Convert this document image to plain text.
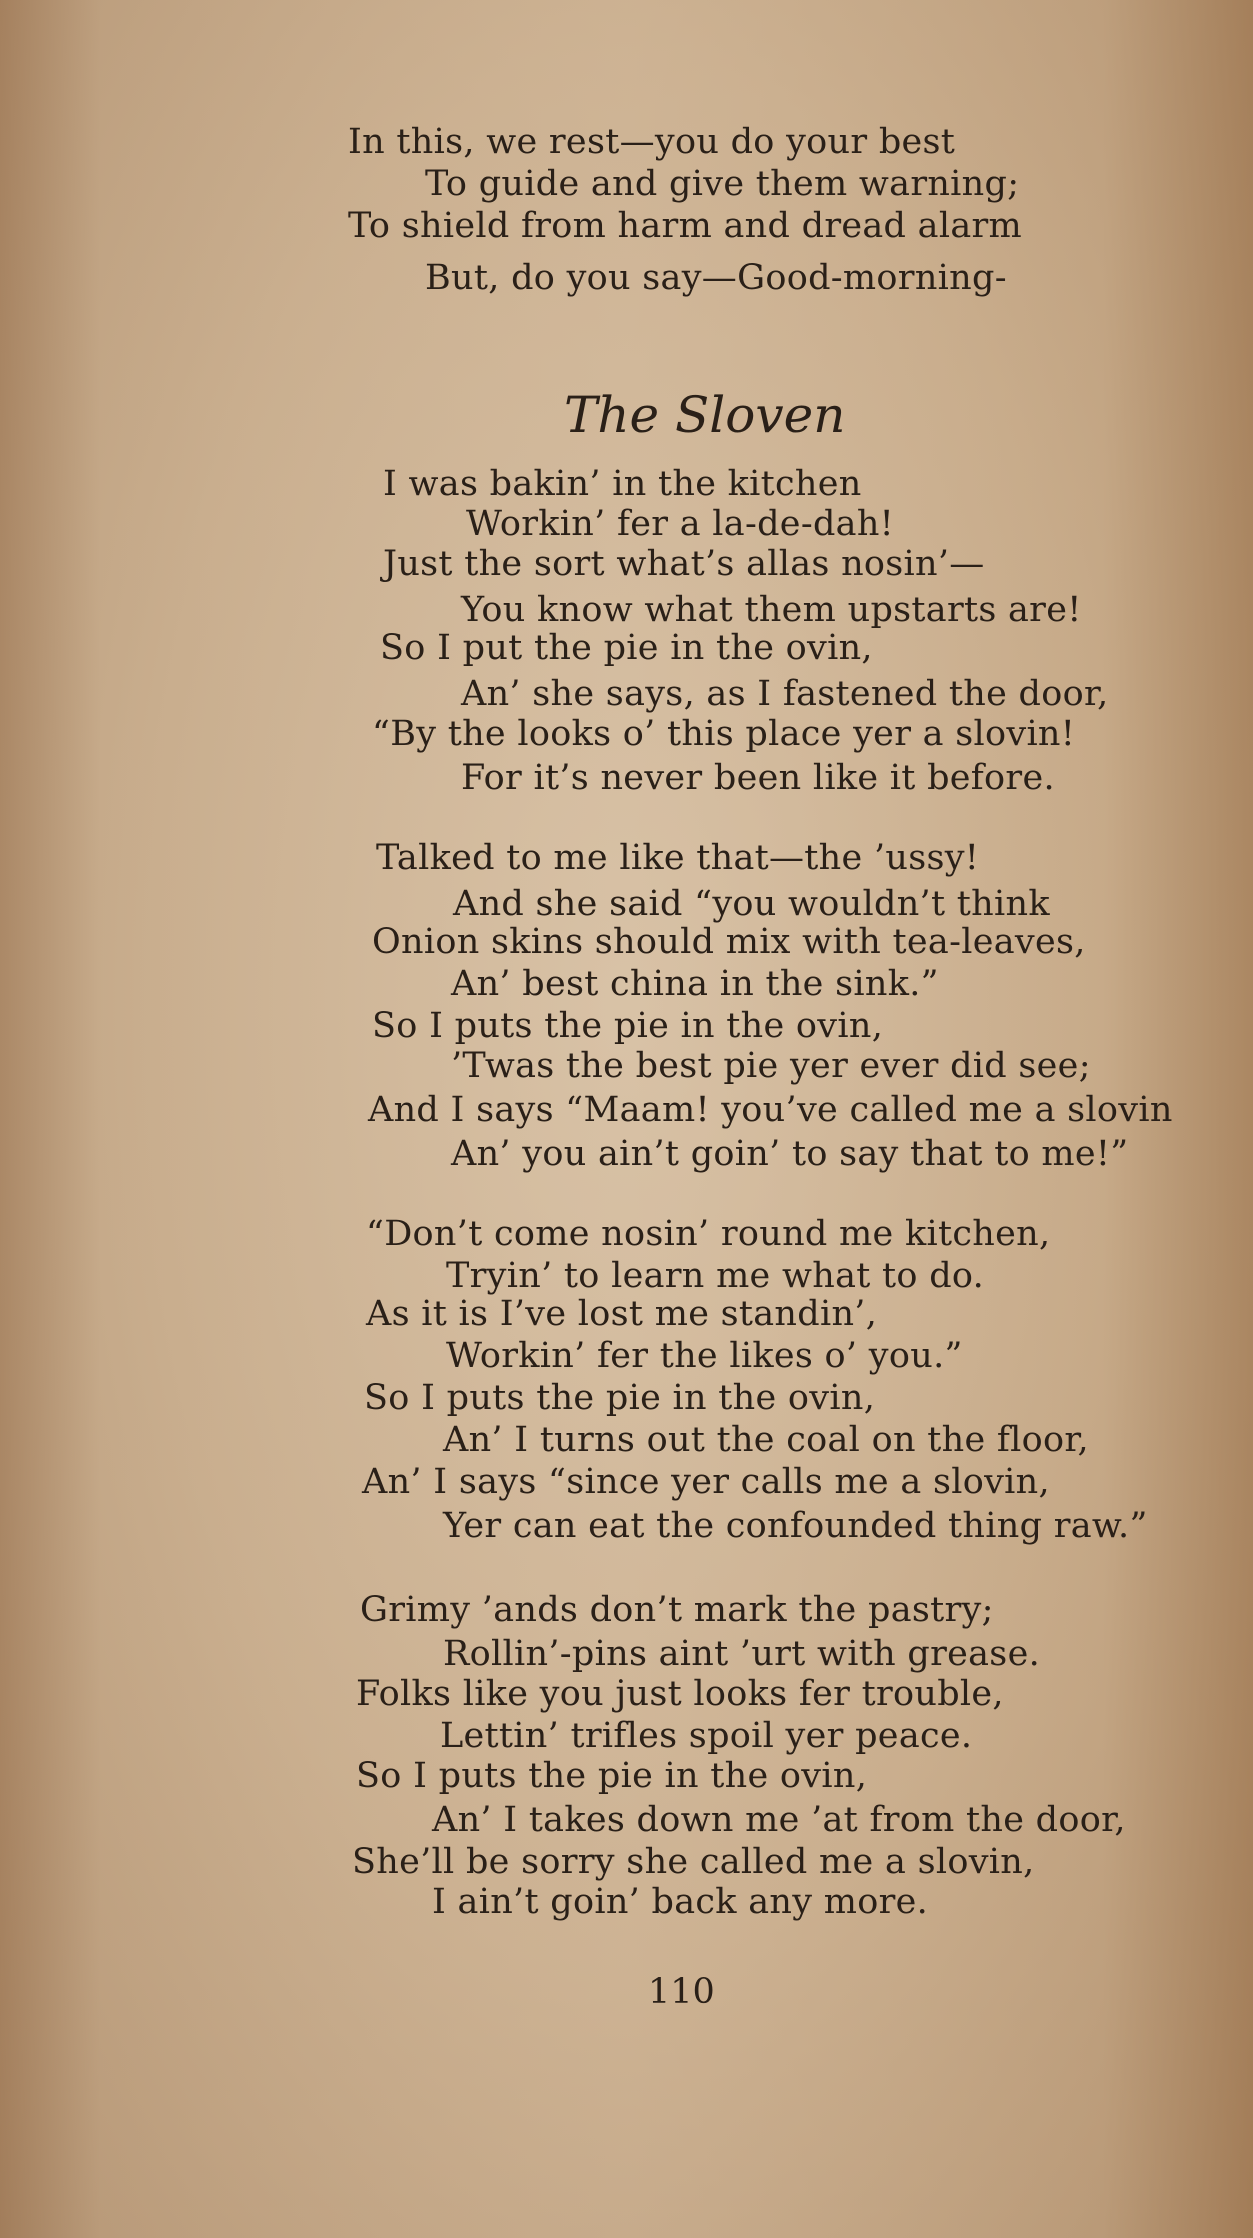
In this, we rest—you do your best
To guide and give them warning;
To shield from harm and dread alarm
But, do you say—Good-morning-
The Sloven
I was bakin’ in the kitchen
Workin’ fer a la-de-dah!
Just the sort what’s allas nosin’—
You know what them upstarts are!
So I put the pie in the ovin,
An’ she says, as I fastened the door,
“By the looks o’ this place yer a slovin!
For it’s never been like it before.
Talked to me like that—the ’ussy!
And she said “you wouldn’t think
Onion skins should mix with tea-leaves,
An’ best china in the sink.”
So I puts the pie in the ovin,
’Twas the best pie yer ever did see;
And I says “Maam! you’ve called me a slovin
An’ you ain’t goin’ to say that to me!”
“Don’t come nosin’ round me kitchen,
Tryin’ to learn me what to do.
As it is I’ve lost me standin’,
Workin’ fer the likes o’ you.”
So I puts the pie in the ovin,
An’ I turns out the coal on the floor,
An’ I says “since yer calls me a slovin,
Yer can eat the confounded thing raw.”
Grimy ’ands don’t mark the pastry;
Rollin’-pins aint ’urt with grease.
Folks like you just looks fer trouble,
Lettin’ trifles spoil yer peace.
So I puts the pie in the ovin,
An’ I takes down me ’at from the door,
She’ll be sorry she called me a slovin,
I ain’t goin’ back any more.
110
